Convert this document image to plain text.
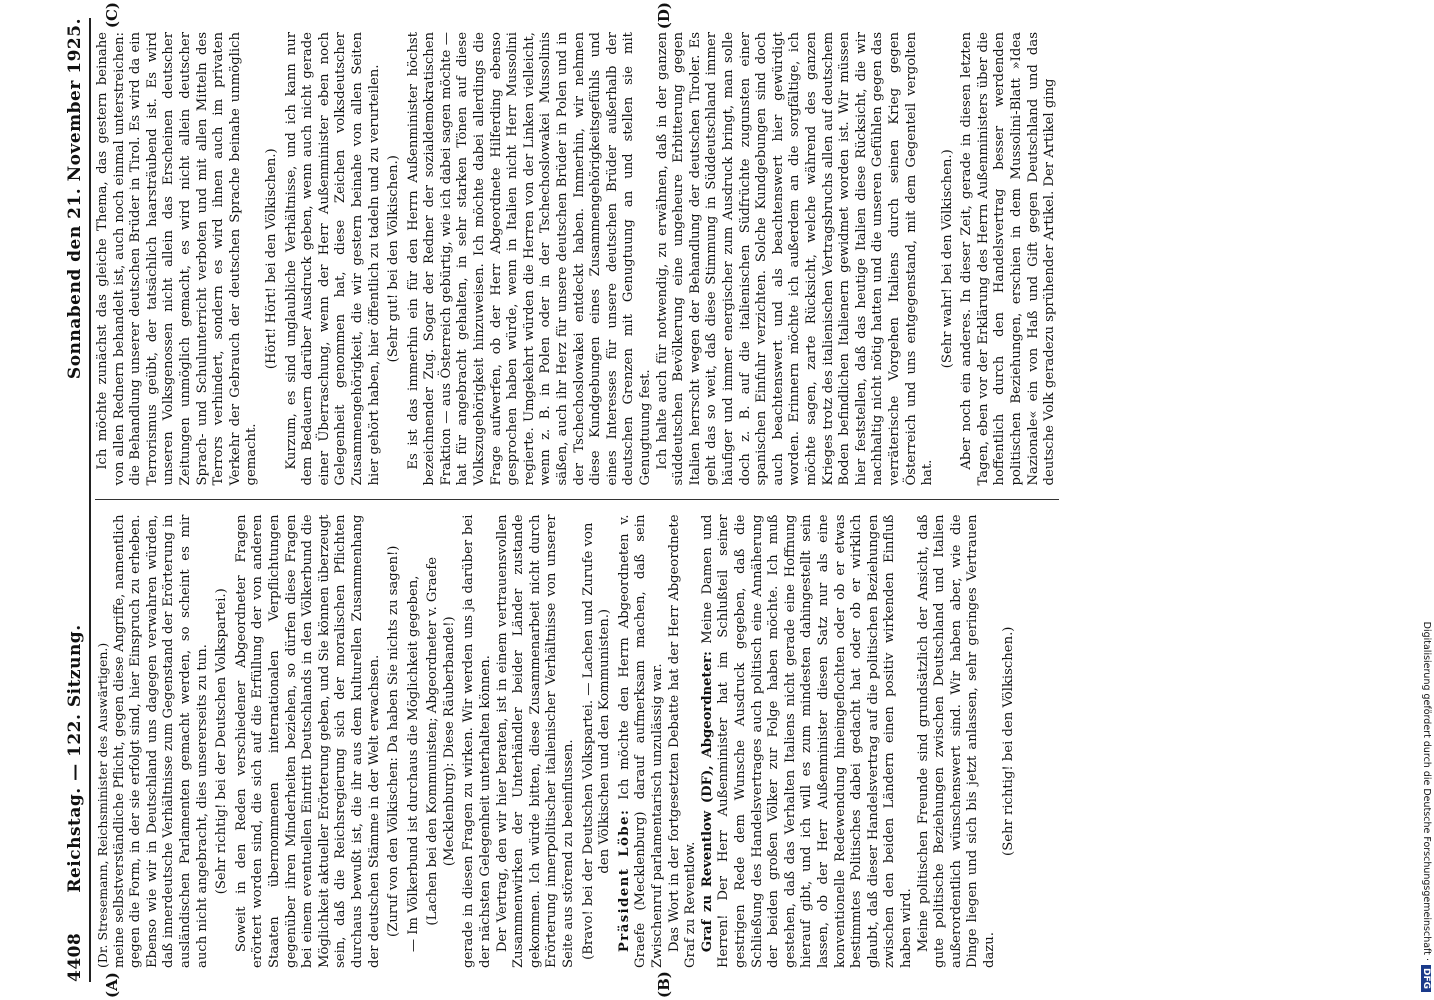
4408
Reichstag. — 122. Sitzung.
Sonnabend den 21. November 1925.
(A)	(B)
(C)	(D)

(Dr. Stresemann, Reichsminister des Auswärtigen.) meine selbstverständliche Pflicht, gegen diese Angriffe, namentlich gegen die Form, in der sie erfolgt sind, hier Einspruch zu erheben. Ebenso wie wir in Deutschland uns dagegen verwahren würden, daß innerdeutsche Verhältnisse zum Gegenstand der Erörterung in ausländischen Parlamenten gemacht werden, so scheint es mir auch nicht angebracht, dies unsererseits zu tun. (Sehr richtig! bei der Deutschen Volkspartei.) Soweit in den Reden verschiedener Abgeordneter Fragen erörtert worden sind, die sich auf die Erfüllung der von anderen Staaten übernommenen internationalen Verpflichtungen gegenüber ihren Minderheiten beziehen, so dürfen diese Fragen bei einem eventuellen Eintritt Deutschlands in den Völkerbund die Möglichkeit aktueller Erörterung geben, und Sie können überzeugt sein, daß die Reichsregierung sich der moralischen Pflichten durchaus bewußt ist, die ihr aus dem kulturellen Zusammenhang der deutschen Stämme in der Welt erwachsen. (Zuruf von den Völkischen: Da haben Sie nichts zu sagen!) — Im Völkerbund ist durchaus die Möglichkeit gegeben, (Lachen bei den Kommunisten; Abgeordneter v. Graefe (Mecklenburg): Diese Räuberbande!) gerade in diesen Fragen zu wirken. Wir werden uns ja darüber bei der nächsten Gelegenheit unterhalten können. Der Vertrag, den wir hier beraten, ist in einem vertrauensvollen Zusammenwirken der Unterhändler beider Länder zustande gekommen. Ich würde bitten, diese Zusammenarbeit nicht durch Erörterung innerpolitischer italienischer Verhältnisse von unserer Seite aus störend zu beeinflussen. (Bravo! bei der Deutschen Volkspartei. — Lachen und Zurufe von den Völkischen und den Kommunisten.)

Präsident Löbe: Ich möchte den Herrn Abgeordneten v. Graefe (Mecklenburg) darauf aufmerksam machen, daß sein Zwischenruf parlamentarisch unzulässig war. Das Wort in der fortgesetzten Debatte hat der Herr Abgeordnete Graf zu Reventlow. Graf zu Reventlow (DF), Abgeordneter: Meine Damen und Herren! Der Herr Außenminister hat im Schlußteil seiner gestrigen Rede dem Wunsche Ausdruck gegeben, daß die Schließung des Handelsvertrages auch politisch eine Annäherung der beiden großen Völker zur Folge haben möchte. Ich muß gestehen, daß das Verhalten Italiens nicht gerade eine Hoffnung hierauf gibt, und ich will es zum mindesten dahingestellt sein lassen, ob der Herr Außenminister diesen Satz nur als eine konventionelle Redewendung hineingeflochten oder ob er etwas bestimmtes Politisches dabei gedacht hat oder ob er wirklich glaubt, daß dieser Handelsvertrag auf die politischen Beziehungen zwischen den beiden Ländern einen positiv wirkenden Einfluß haben wird. Meine politischen Freunde sind grundsätzlich der Ansicht, daß gute politische Beziehungen zwischen Deutschland und Italien außerordentlich wünschenswert sind. Wir haben aber, wie die Dinge liegen und sich bis jetzt anlassen, sehr geringes Vertrauen dazu.

(Sehr richtig! bei den Völkischen.)

Ich möchte zunächst das gleiche Thema, das gestern beinahe von allen Rednern behandelt ist, auch noch einmal unterstreichen: die Behandlung unserer deutschen Brüder in Tirol. Es wird da ein Terrorismus geübt, der tatsächlich haarsträubend ist. Es wird unseren Volksgenossen nicht allein das Erscheinen deutscher Zeitungen unmöglich gemacht, es wird nicht allein deutscher Sprach- und Schulunterricht verboten und mit allen Mitteln des Terrors verhindert, sondern es wird ihnen auch im privaten Verkehr der Gebrauch der deutschen Sprache beinahe unmöglich gemacht.

(Hört! Hört! bei den Völkischen.) Kurzum, es sind unglaubliche Verhältnisse, und ich kann nur dem Bedauern darüber Ausdruck geben, wenn auch nicht gerade einer Überraschung, wenn der Herr Außenminister eben noch Gelegenheit genommen hat, diese Zeichen volksdeutscher Zusammengehörigkeit, die wir gestern beinahe von allen Seiten hier gehört haben, hier öffentlich zu tadeln und zu verurteilen. (Sehr gut! bei den Völkischen.) Es ist das immerhin ein für den Herrn Außenminister höchst bezeichnender Zug. Sogar der Redner der sozialdemokratischen Fraktion — aus Österreich gebürtig, wie ich dabei sagen möchte — hat für angebracht gehalten, in sehr starken Tönen auf diese Volkszugehörigkeit hinzuweisen. Ich möchte dabei allerdings die Frage aufwerfen, ob der Herr Abgeordnete Hilferding ebenso gesprochen haben würde, wenn in Italien nicht Herr Mussolini regierte. Umgekehrt würden die Herren von der Linken vielleicht, wenn z. B. in Polen oder in der Tschechoslowakei Mussolinis säßen, auch ihr Herz für unsere deutschen Brüder in Polen und in der Tschechoslowakei entdeckt haben. Immerhin, wir nehmen diese Kundgebungen eines Zusammengehörigkeitsgefühls und eines Interesses für unsere deutschen Brüder außerhalb der deutschen Grenzen mit Genugtuung an und stellen sie mit Genugtuung fest. Ich halte auch für notwendig, zu erwähnen, daß in der ganzen süddeutschen Bevölkerung eine ungeheure Erbitterung gegen Italien herrscht wegen der Behandlung der deutschen Tiroler. Es geht das so weit, daß diese Stimmung in Süddeutschland immer häufiger und immer energischer zum Ausdruck bringt, man solle doch z. B. auf die italienischen Südfrüchte zugunsten einer spanischen Einfuhr verzichten. Solche Kundgebungen sind doch auch beachtenswert und als beachtenswert hier gewürdigt worden. Erinnern möchte ich außerdem an die sorgfältige, ich möchte sagen, zarte Rücksicht, welche während des ganzen Krieges trotz des italienischen Vertragsbruchs allen auf deutschem Boden befindlichen Italienern gewidmet worden ist. Wir müssen hier feststellen, daß das heutige Italien diese Rücksicht, die wir nachhaltig nicht nötig hatten und die unseren Gefühlen gegen das verräterische Vorgehen Italiens durch seinen Krieg gegen Österreich und uns entgegenstand, mit dem Gegenteil vergolten hat.

(Sehr wahr! bei den Völkischen.) Aber noch ein anderes. In dieser Zeit, gerade in diesen letzten Tagen, eben vor der Erklärung des Herrn Außenministers über die hoffentlich durch den Handelsvertrag besser werdenden politischen Beziehungen, erschien in dem Mussolini-Blatt »Idea Nazionale« ein von Haß und Gift gegen Deutschland und das deutsche Volk geradezu sprühender Artikel. Der Artikel ging

Digitalisierung gefördert durch die Deutsche Forschungsgemeinschaft ·DFG
